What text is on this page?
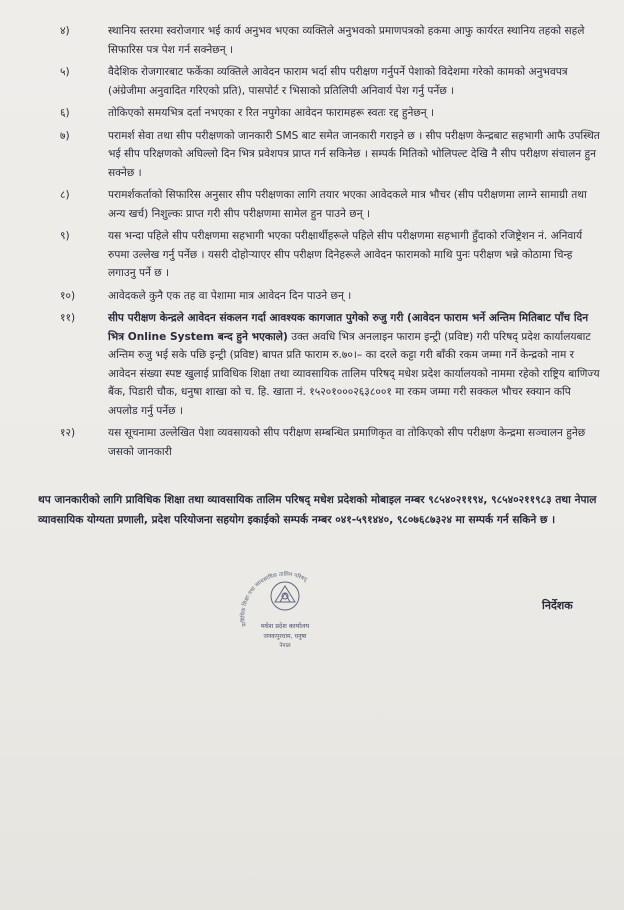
४)	स्थानिय स्तरमा स्वरोजगार भई कार्य अनुभव भएका व्यक्तिले अनुभवको प्रमाणपत्रको हकमा आफु कार्यरत स्थानिय तहको सहले सिफारिस पत्र पेश गर्न सक्नेछन् ।
५)	वैदेशिक रोजगारबाट फर्केका व्यक्तिले आवेदन फाराम भर्दा सीप परीक्षण गर्नुपर्ने पेशाको विदेशमा गरेको कामको अनुभवपत्र (अंग्रेजीमा अनुवादित गरिएको प्रति), पासपोर्ट र भिसाको प्रतिलिपी अनिवार्य पेश गर्नु पर्नेछ ।
६)	तोकिएको समयभित्र दर्ता नभएका र रित नपुगेका आवेदन फारामहरू स्वतः रद्द हुनेछन् ।
७)	परामर्श सेवा तथा सीप परीक्षणको जानकारी SMS बाट समेत जानकारी गराइने छ । सीप परीक्षण केन्द्रबाट सहभागी आफै उपस्थित भई सीप परिक्षणको अघिल्लो दिन भित्र प्रवेशपत्र प्राप्त गर्न सकिनेछ । सम्पर्क मितिको भोलिपल्ट देखि नै सीप परीक्षण संचालन हुन सक्नेछ ।
८)	परामर्शकर्ताको सिफारिस अनुसार सीप परीक्षणका लागि तयार भएका आवेदकले मात्र भौचर (सीप परीक्षणमा लाग्ने सामाग्री तथा अन्य खर्च) निशुल्कः प्राप्त गरी सीप परीक्षणमा सामेल हुन पाउने छन् ।
९)	यस भन्दा पहिले सीप परीक्षणमा सहभागी भएका परीक्षार्थीहरूले पहिले सीप परीक्षणमा सहभागी हुँदाको रजिष्ट्रेशन नं. अनिवार्य रुपमा उल्लेख गर्नु पर्नेछ । यसरी दोहोऱ्याएर सीप परीक्षण दिनेहरूले आवेदन फारामको माथि पुनः परीक्षण भन्ने कोठामा चिन्ह लगाउनु पर्ने छ ।
१०)	आवेदकले कुनै एक तह वा पेशामा मात्र आवेदन दिन पाउने छन् ।
११)	सीप परीक्षण केन्द्रले आवेदन संकलन गर्दा आवश्यक कागजात पुगेको रुजु गरी (आवेदन फाराम भर्ने अन्तिम मितिबाट पाँच दिन भित्र Online System बन्द हुने भएकाले) उक्त अवधि भित्र अनलाइन फाराम इन्ट्री (प्रविष्ट) गरी परिषद् प्रदेश कार्यालयबाट अन्तिम रुजु भई सके पछि इन्ट्री (प्रविष्ट) बापत प्रति फाराम रु.७०।– का दरले कट्टा गरी बाँकी रकम जम्मा गर्ने केन्द्रको नाम र आवेदन संख्या स्पष्ट खुलाई प्राविधिक शिक्षा तथा व्यावसायिक तालिम परिषद् मधेश प्रदेश कार्यालयको नाममा रहेको राष्ट्रिय बाणिज्य बैंक, पिडारी चौक, धनुषा शाखा को च. हि. खाता नं. १५२०१०००२६३८००१ मा रकम जम्मा गरी सक्कल भौचर स्क्यान कपि अपलोड गर्नु पर्नेछ ।
१२)	यस सूचनामा उल्लेखित पेशा व्यवसायको सीप परीक्षण सम्बन्धित प्रमाणिकृत वा तोकिएको सीप परीक्षण केन्द्रमा सञ्चालन हुनेछ जसको जानकारी
थप जानकारीको लागि प्राविधिक शिक्षा तथा व्यावसायिक तालिम परिषद् मधेश प्रदेशको मोबाइल नम्बर ९८५४०२११९४, ९८५४०२११९८३ तथा नेपाल व्यावसायिक योग्यता प्रणाली, प्रदेश परियोजना सहयोग इकाईको सम्पर्क नम्बर ०४१-५९१४४०, ९८०७६८७३२४ मा सम्पर्क गर्न सकिने छ ।
प्राविधिक शिक्षा तथा व्यावसायिक तालिम परिषद्
मधेश प्रदेश कार्यालय
जनकपुरधाम, धनुषा
नेपाल
निर्देशक
